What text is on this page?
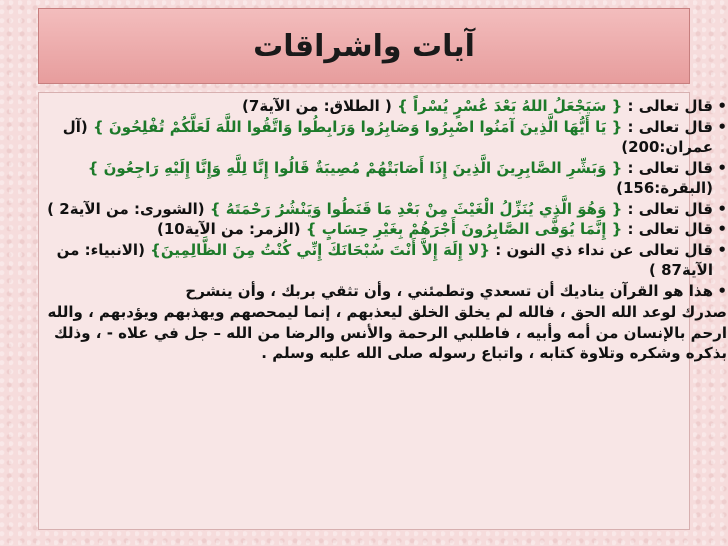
آيات واشراقات
•
قال تعالى : { سَيَجْعَلُ اللهُ بَعْدَ عُسْرٍ يُسْراً } ( الطلاق: من الآية7)
•
قال تعالى : { يَا أَيُّهَا الَّذِينَ آمَنُوا اصْبِرُوا وَصَابِرُوا وَرَابِطُوا وَاتَّقُوا اللَّهَ لَعَلَّكُمْ تُفْلِحُونَ } (آل عمران:200)
•
قال تعالى : { وَبَشِّرِ الصَّابِرِينَ الَّذِينَ إِذَا أَصَابَتْهُمْ مُصِيبَةٌ قَالُوا إِنَّا لِلَّهِ وَإِنَّا إِلَيْهِ رَاجِعُونَ } (البقرة:156)
•
قال تعالى : { وَهُوَ الَّذِي يُنَزِّلُ الْغَيْثَ مِنْ بَعْدِ مَا قَنَطُوا وَيَنْشُرُ رَحْمَتَهُ } (الشورى: من الآية2 )
•
قال تعالى : { إِنَّمَا يُوَفَّى الصَّابِرُونَ أَجْرَهُمْ بِغَيْرِ حِسَابٍ } (الزمر: من الآية10)
•
قال تعالى عن نداء ذي النون : {لا إِلَهَ إِلاَّ أَنْتَ سُبْحَانَكَ إِنِّي كُنْتُ مِنَ الظَّالِمِينَ} (الانبياء: من الآية87 )
•
هذا هو القرآن يناديك أن تسعدي وتطمئني ، وأن تثقي بربك ، وأن ينشرح
صدرك لوعد الله الحق ، فالله لم يخلق الخلق ليعذبهم ، إنما ليمحصهم ويهذبهم ويؤدبهم ، والله ارحم بالإنسان من أمه وأبيه ، فاطلبي الرحمة والأنس والرضا من الله – جل في علاه - ، وذلك بذكره وشكره وتلاوة كتابه ، واتباع رسوله صلى الله عليه وسلم .
